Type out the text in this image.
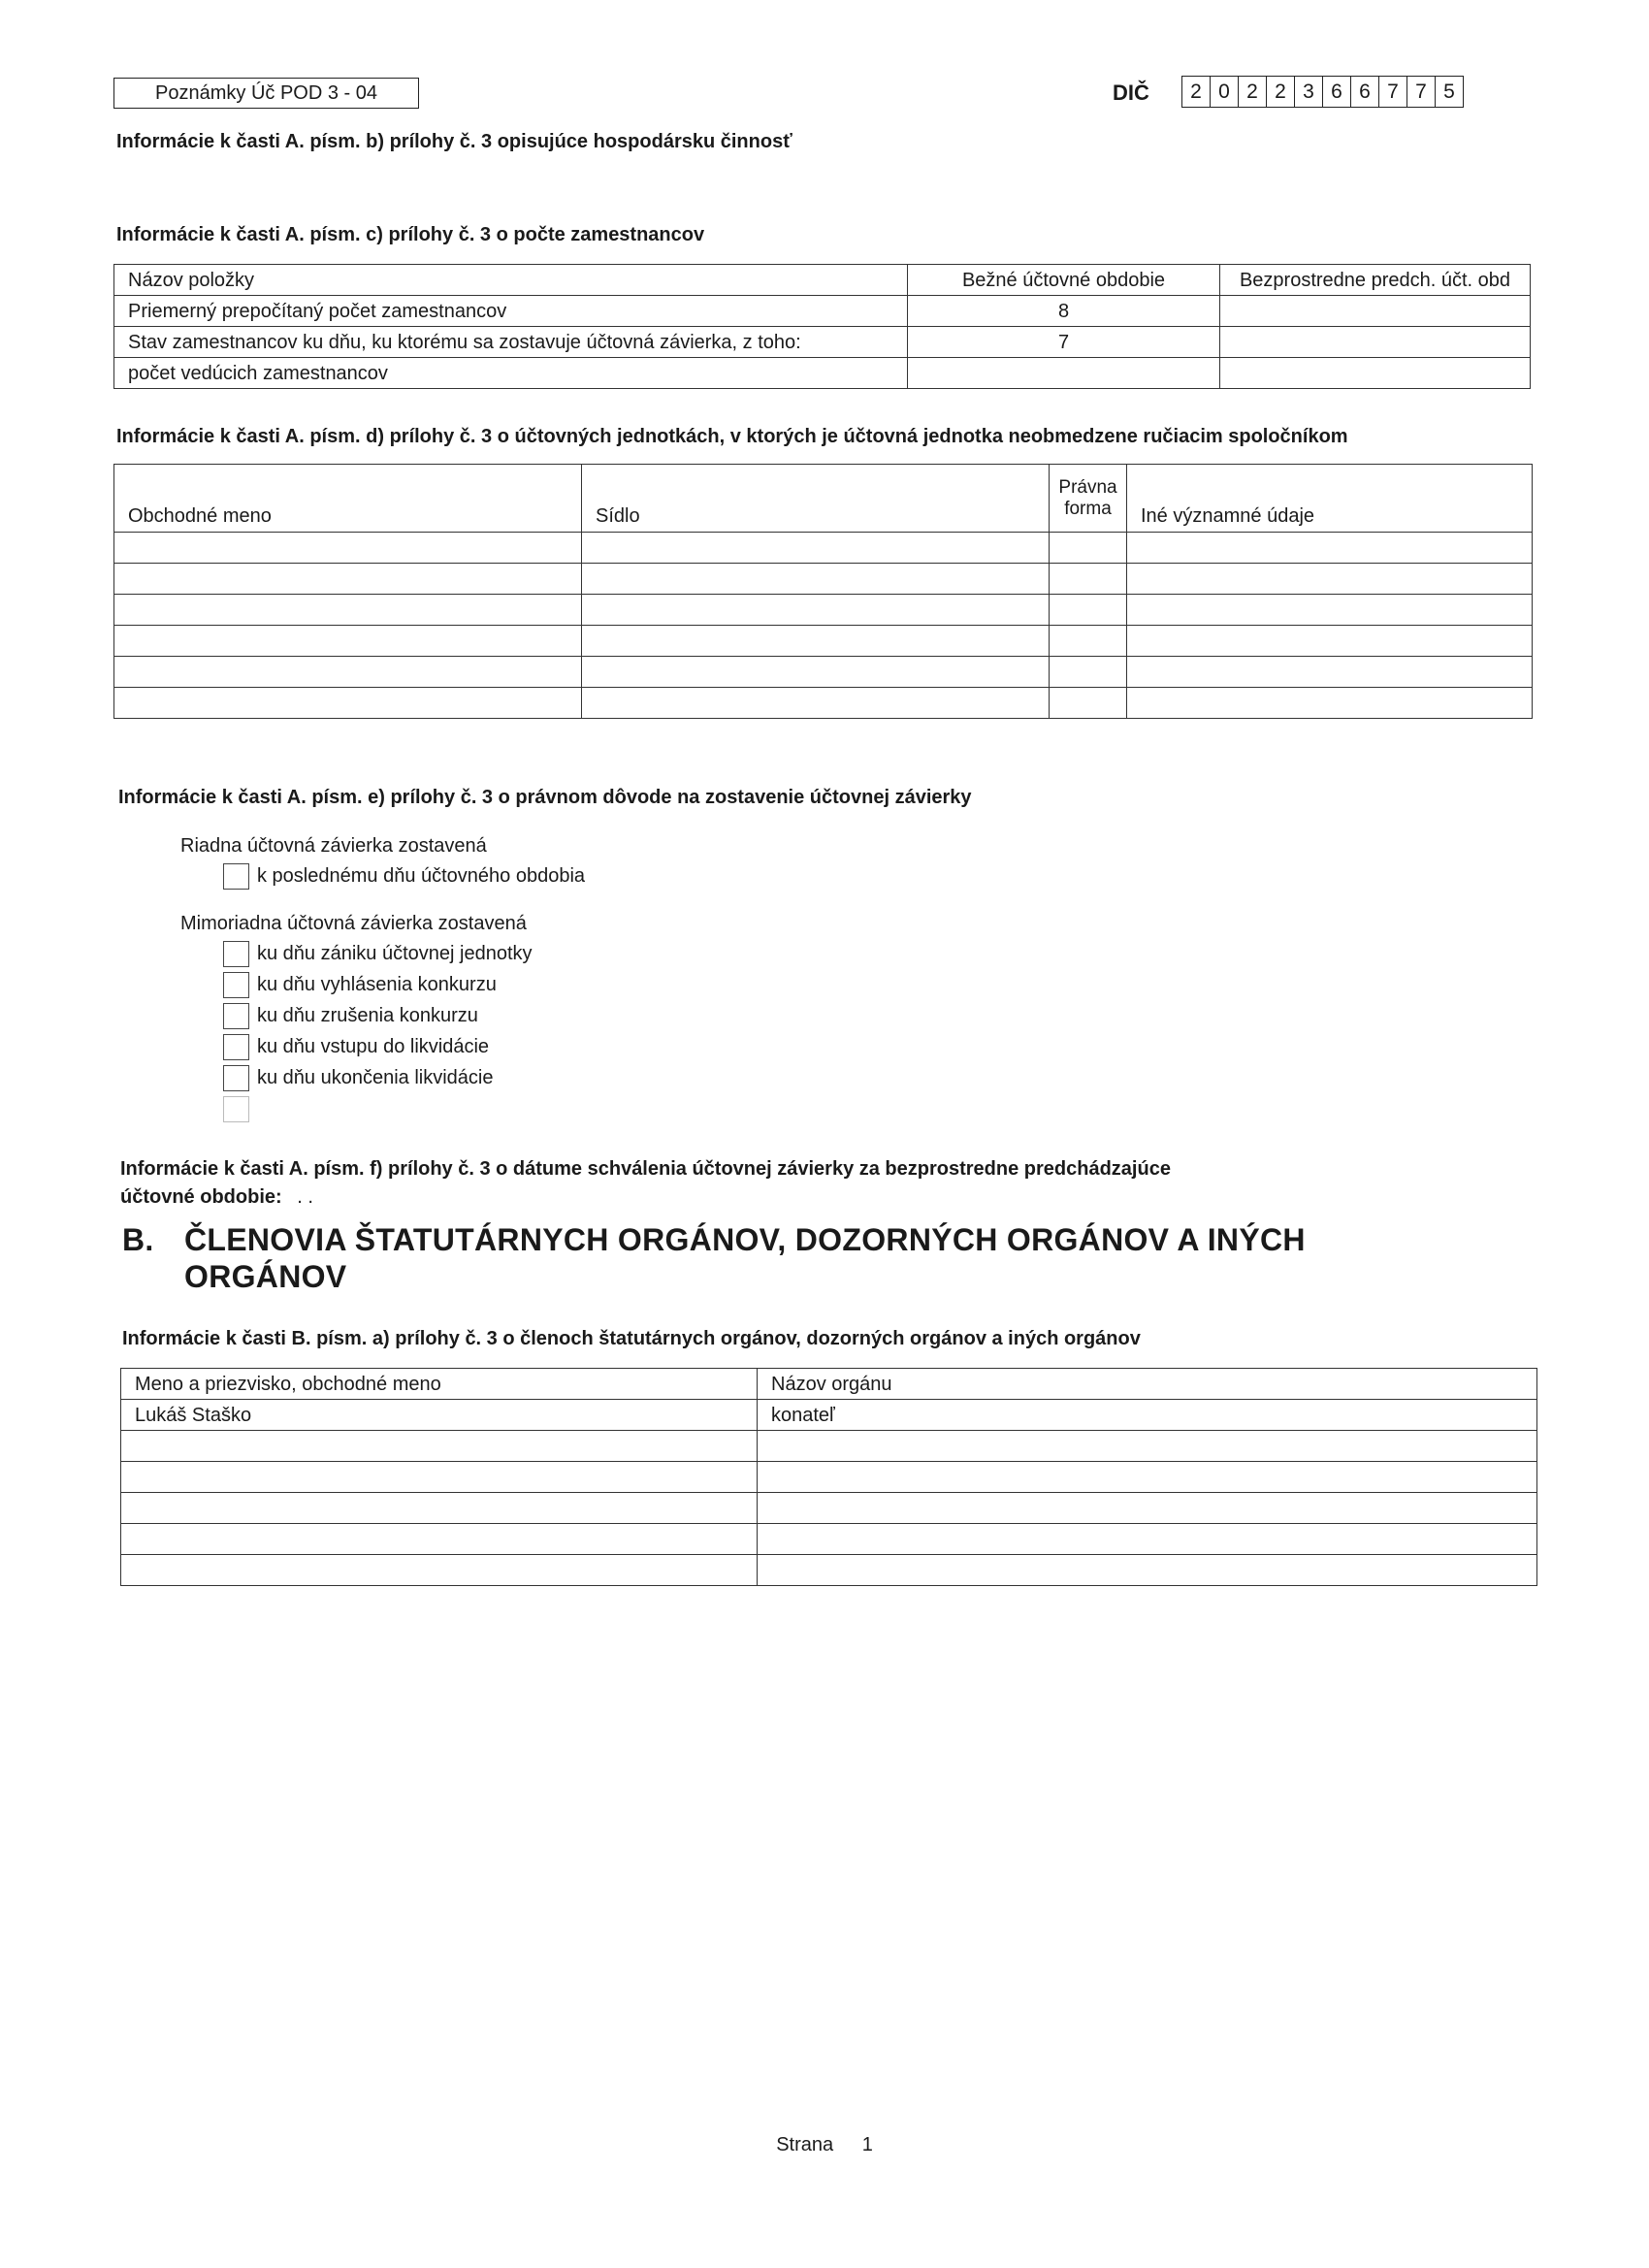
Poznámky Úč POD 3 - 04	DIČ	2 0 2 2 3 6 6 7 7 5
Informácie k časti A. písm. b) prílohy č. 3 opisujúce hospodársku činnosť
Informácie k časti A. písm. c) prílohy č. 3 o počte zamestnancov
Názov položky	Bežné účtovné obdobie	Bezprostredne predch. účt. obd
Priemerný prepočítaný počet zamestnancov	8	
Stav zamestnancov ku dňu, ku ktorému sa zostavuje účtovná závierka, z toho:	7	
počet vedúcich zamestnancov		
Informácie k časti A. písm. d) prílohy č. 3 o účtovných jednotkách, v ktorých je účtovná jednotka neobmedzene ručiacim spoločníkom
Obchodné meno	Sídlo	Právna forma	Iné významné údaje

Informácie k časti A. písm. e) prílohy č. 3 o právnom dôvode na zostavenie účtovnej závierky
Riadna účtovná závierka zostavená
k poslednému dňu účtovného obdobia
Mimoriadna účtovná závierka zostavená
ku dňu zániku účtovnej jednotky
ku dňu vyhlásenia konkurzu
ku dňu zrušenia konkurzu
ku dňu vstupu do likvidácie
ku dňu ukončenia likvidácie
Informácie k časti A. písm. f) prílohy č. 3 o dátume schválenia účtovnej závierky za bezprostredne predchádzajúce
účtovné obdobie: . .
B. ČLENOVIA ŠTATUTÁRNYCH ORGÁNOV, DOZORNÝCH ORGÁNOV A INÝCH
ORGÁNOV
Informácie k časti B. písm. a) prílohy č. 3 o členoch štatutárnych orgánov, dozorných orgánov a iných orgánov
Meno a priezvisko, obchodné meno	Názov orgánu
Lukáš Staško	konateľ

Strana 1
